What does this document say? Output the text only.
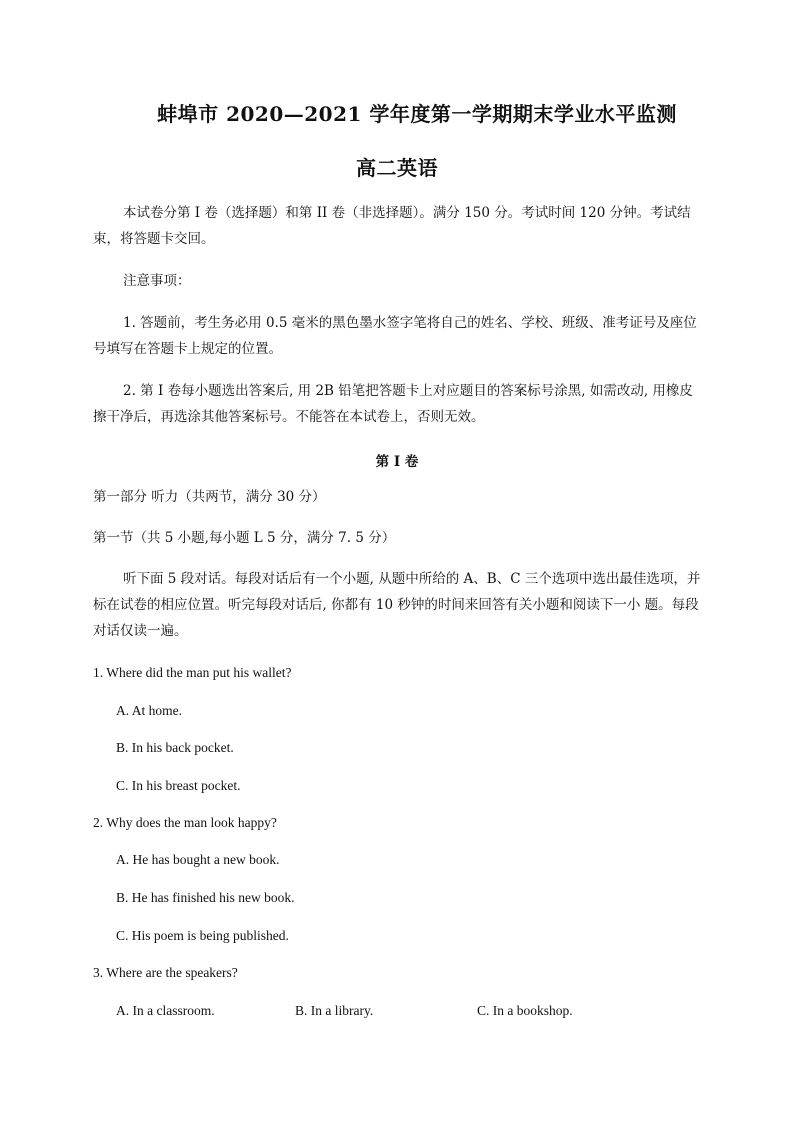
蚌埠市 2020—2021 学年度第一学期期末学业水平监测
高二英语
本试卷分第 I 卷（选择题）和第 II 卷（非选择题）。满分 150 分。考试时间 120 分钟。考试结束，将答题卡交回。
注意事项：
1. 答题前，考生务必用 0.5 毫米的黑色墨水签字笔将自己的姓名、学校、班级、准考证号及座位号填写在答题卡上规定的位置。
2. 第 I 卷每小题选出答案后, 用 2B 铅笔把答题卡上对应题目的答案标号涂黑, 如需改动, 用橡皮擦干净后，再选涂其他答案标号。不能答在本试卷上，否则无效。
第 I 卷
第一部分 听力（共两节，满分 30 分）
第一节（共 5 小题,每小题 L 5 分，满分 7. 5 分）
听下面 5 段对话。每段对话后有一个小题, 从题中所给的 A、B、C 三个选项中选出最佳选项，并标在试卷的相应位置。听完每段对话后, 你都有 10 秒钟的时间来回答有关小题和阅读下一小 题。每段对话仅读一遍。
1. Where did the man put his wallet?
A. At home.
B. In his back pocket.
C. In his breast pocket.
2. Why does the man look happy?
A. He has bought a new book.
B. He has finished his new book.
C. His poem is being published.
3. Where are the speakers?
A. In a classroom.	B. In a library.	C. In a bookshop.
